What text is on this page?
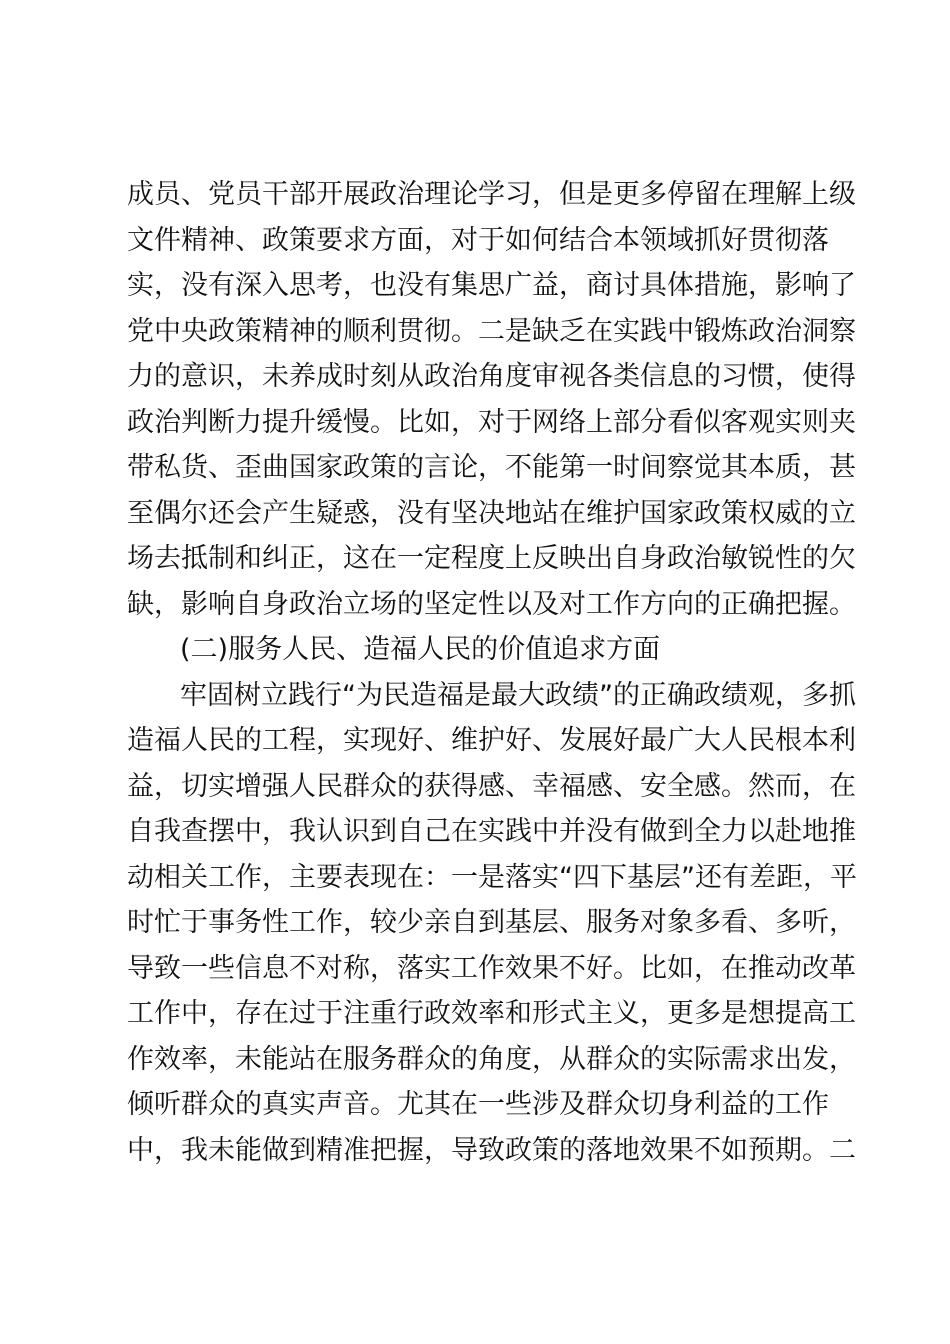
成员、党员干部开展政治理论学习，但是更多停留在理解上级
文件精神、政策要求方面，对于如何结合本领域抓好贯彻落
实，没有深入思考，也没有集思广益，商讨具体措施，影响了
党中央政策精神的顺利贯彻。二是缺乏在实践中锻炼政治洞察
力的意识，未养成时刻从政治角度审视各类信息的习惯，使得
政治判断力提升缓慢。比如，对于网络上部分看似客观实则夹
带私货、歪曲国家政策的言论，不能第一时间察觉其本质，甚
至偶尔还会产生疑惑，没有坚决地站在维护国家政策权威的立
场去抵制和纠正，这在一定程度上反映出自身政治敏锐性的欠
缺，影响自身政治立场的坚定性以及对工作方向的正确把握。
(二)服务人民、造福人民的价值追求方面
牢固树立践行“为民造福是最大政绩”的正确政绩观，多抓
造福人民的工程，实现好、维护好、发展好最广大人民根本利
益，切实增强人民群众的获得感、幸福感、安全感。然而，在
自我查摆中，我认识到自己在实践中并没有做到全力以赴地推
动相关工作，主要表现在：一是落实“四下基层”还有差距，平
时忙于事务性工作，较少亲自到基层、服务对象多看、多听，
导致一些信息不对称，落实工作效果不好。比如，在推动改革
工作中，存在过于注重行政效率和形式主义，更多是想提高工
作效率，未能站在服务群众的角度，从群众的实际需求出发，
倾听群众的真实声音。尤其在一些涉及群众切身利益的工作
中，我未能做到精准把握，导致政策的落地效果不如预期。二
